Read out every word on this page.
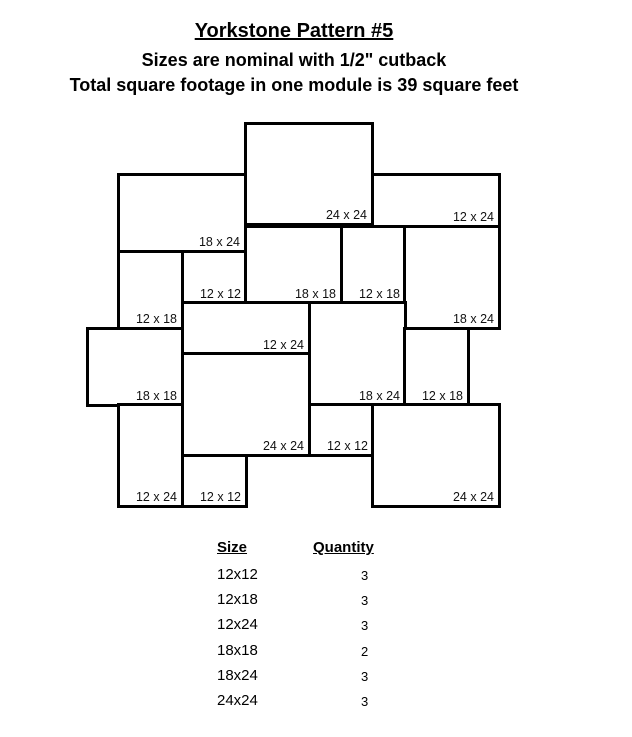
Yorkstone Pattern #5
Sizes are nominal with 1/2" cutback
Total square footage in one module is 39 square feet
24 x 24
18 x 24
12 x 24
12 x 18
12 x 12	18 x 18 12 x 18
18 x 24
12 x 24
18 x 18
24 x 24
18 x 24 12 x 18
12 x 12
12 x 24 12 x 12	24 x 24
Size	Quantity
12x12	3
12x18	3
12x24	3
18x18	2
18x24	3
24x24	3
